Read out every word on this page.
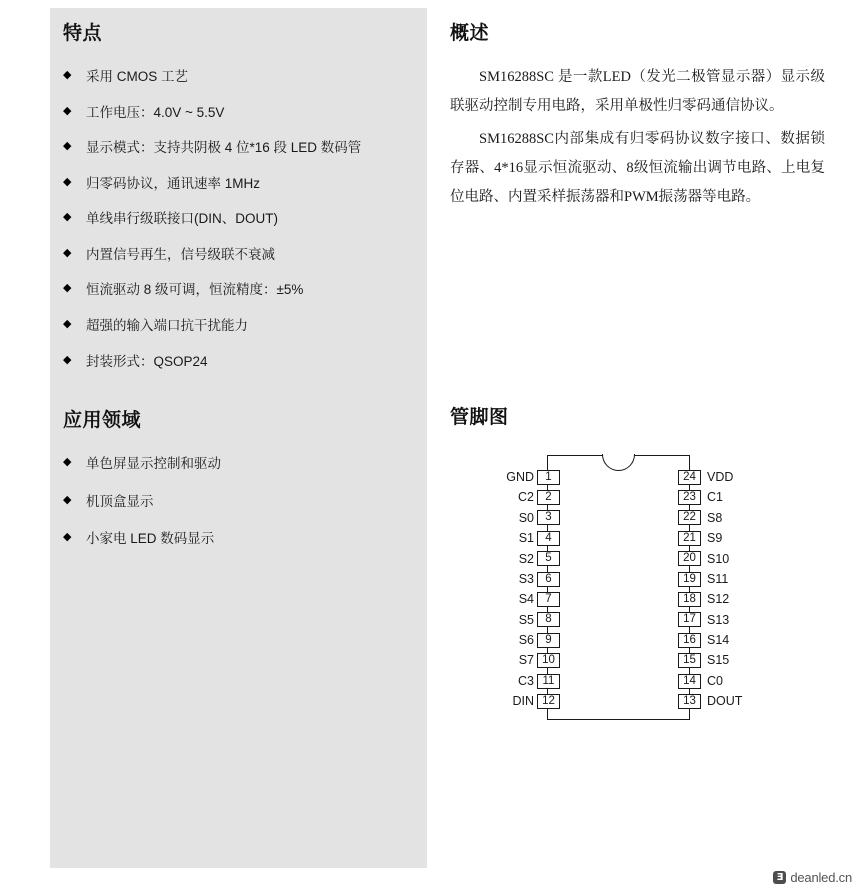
特点
◆	采用 CMOS 工艺
◆	工作电压：4.0V ~ 5.5V
◆	显示模式：支持共阴极 4 位*16 段 LED 数码管
◆	归零码协议，通讯速率 1MHz
◆	单线串行级联接口(DIN、DOUT)
◆	内置信号再生，信号级联不衰减
◆	恒流驱动 8 级可调，恒流精度：±5%
◆	超强的输入端口抗干扰能力
◆	封装形式：QSOP24
应用领域
◆	单色屏显示控制和驱动
◆	机顶盒显示
◆	小家电 LED 数码显示
概述

SM16288SC 是一款LED（发光二极管显示器）显示级联驱动控制专用电路，采用单极性归零码通信协议。

SM16288SC内部集成有归零码协议数字接口、数据锁存器、4*16显示恒流驱动、8级恒流输出调节电路、上电复位电路、内置采样振荡器和PWM振荡器等电路。

管脚图
GND 1
C2 2
S0 3
S1 4
S2 5
S3 6
S4 7
S5 8
S6 9
S7 10
C3 11
DIN 12
24 VDD
23 C1
22 S8
21 S9
20 S10
19 S11
18 S12
17 S13
16 S14
15 S15
14 C0
13 DOUT
Ǝ deanled.cn
